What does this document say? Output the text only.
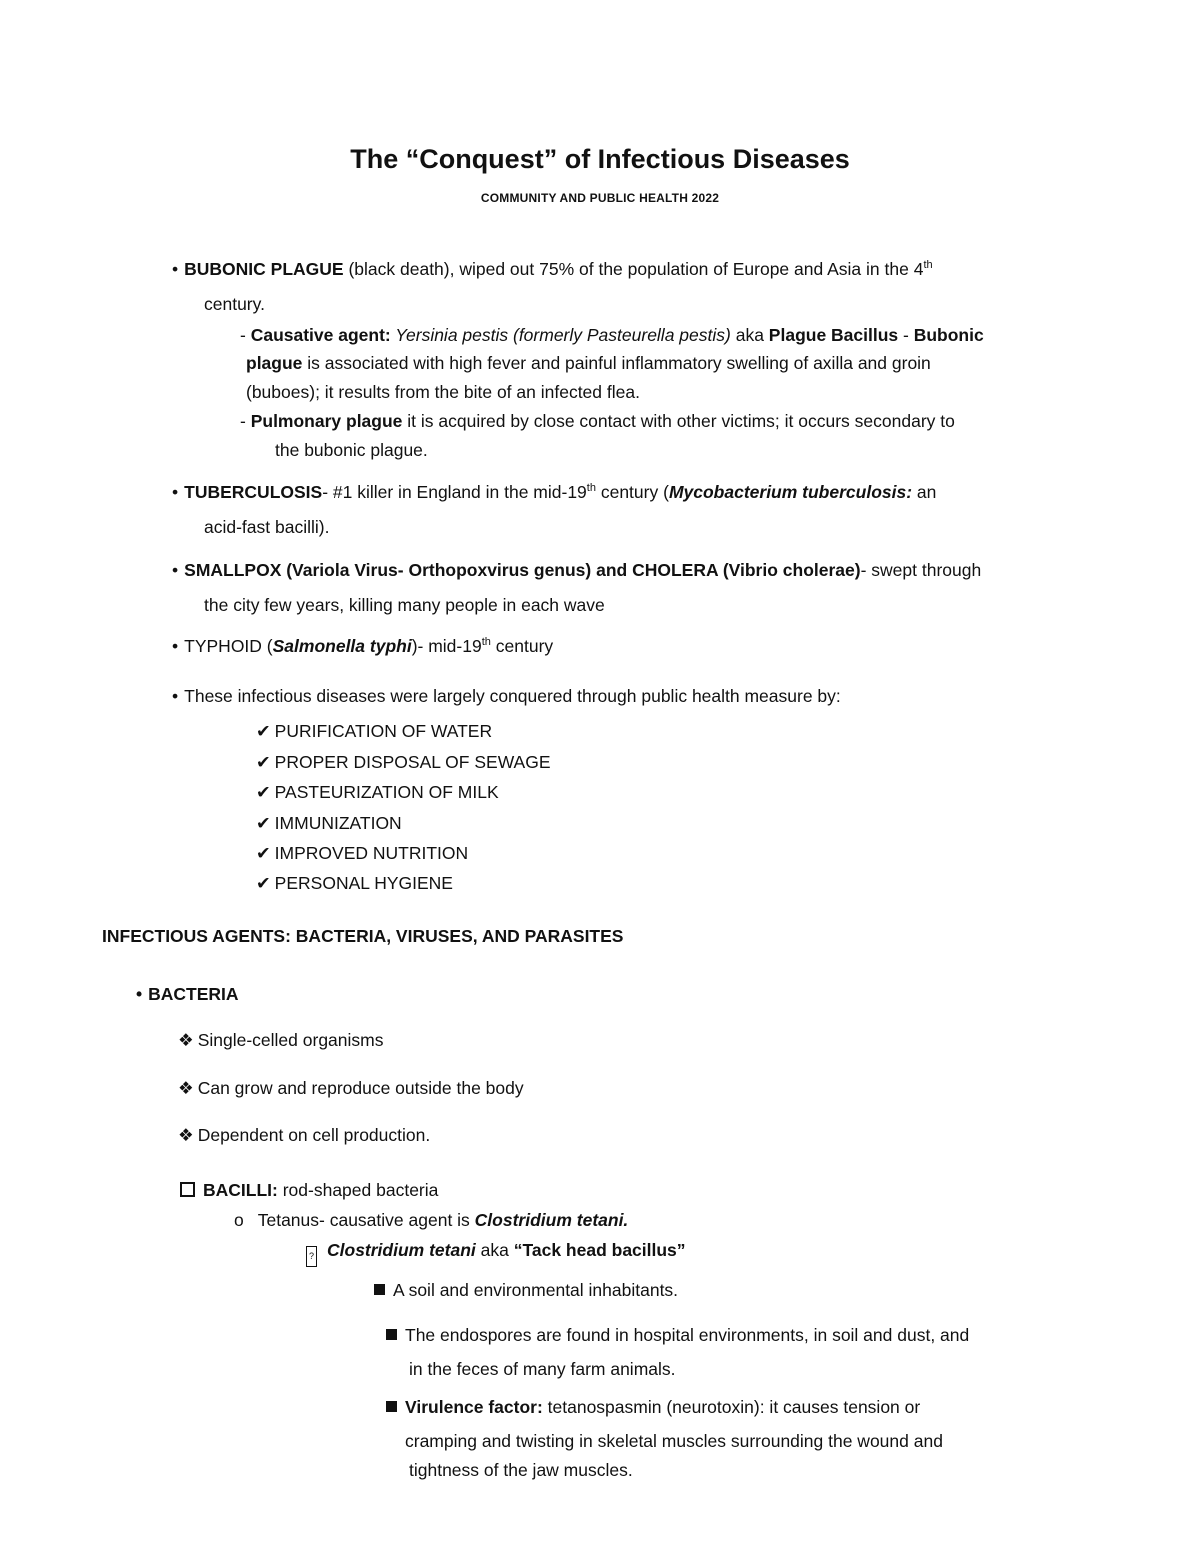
The “Conquest” of Infectious Diseases
COMMUNITY AND PUBLIC HEALTH 2022
• BUBONIC PLAGUE (black death), wiped out 75% of the population of Europe and Asia in the 4th
century.
- Causative agent: Yersinia pestis (formerly Pasteurella pestis) aka Plague Bacillus - Bubonic
plague is associated with high fever and painful inflammatory swelling of axilla and groin
(buboes); it results from the bite of an infected flea.
- Pulmonary plague it is acquired by close contact with other victims; it occurs secondary to
the bubonic plague.
• TUBERCULOSIS- #1 killer in England in the mid-19th century (Mycobacterium tuberculosis: an
acid-fast bacilli).
• SMALLPOX (Variola Virus- Orthopoxvirus genus) and CHOLERA (Vibrio cholerae)- swept through
the city few years, killing many people in each wave
• TYPHOID (Salmonella typhi)- mid-19th century
• These infectious diseases were largely conquered through public health measure by:
✔ PURIFICATION OF WATER
✔ PROPER DISPOSAL OF SEWAGE
✔ PASTEURIZATION OF MILK
✔ IMMUNIZATION
✔ IMPROVED NUTRITION
✔ PERSONAL HYGIENE
INFECTIOUS AGENTS: BACTERIA, VIRUSES, AND PARASITES
• BACTERIA
❖ Single-celled organisms
❖ Can grow and reproduce outside the body
❖ Dependent on cell production.
BACILLI: rod-shaped bacteria
o Tetanus- causative agent is Clostridium tetani.
? Clostridium tetani aka “Tack head bacillus”
A soil and environmental inhabitants.
The endospores are found in hospital environments, in soil and dust, and
in the feces of many farm animals.
Virulence factor: tetanospasmin (neurotoxin): it causes tension or
cramping and twisting in skeletal muscles surrounding the wound and
tightness of the jaw muscles.
